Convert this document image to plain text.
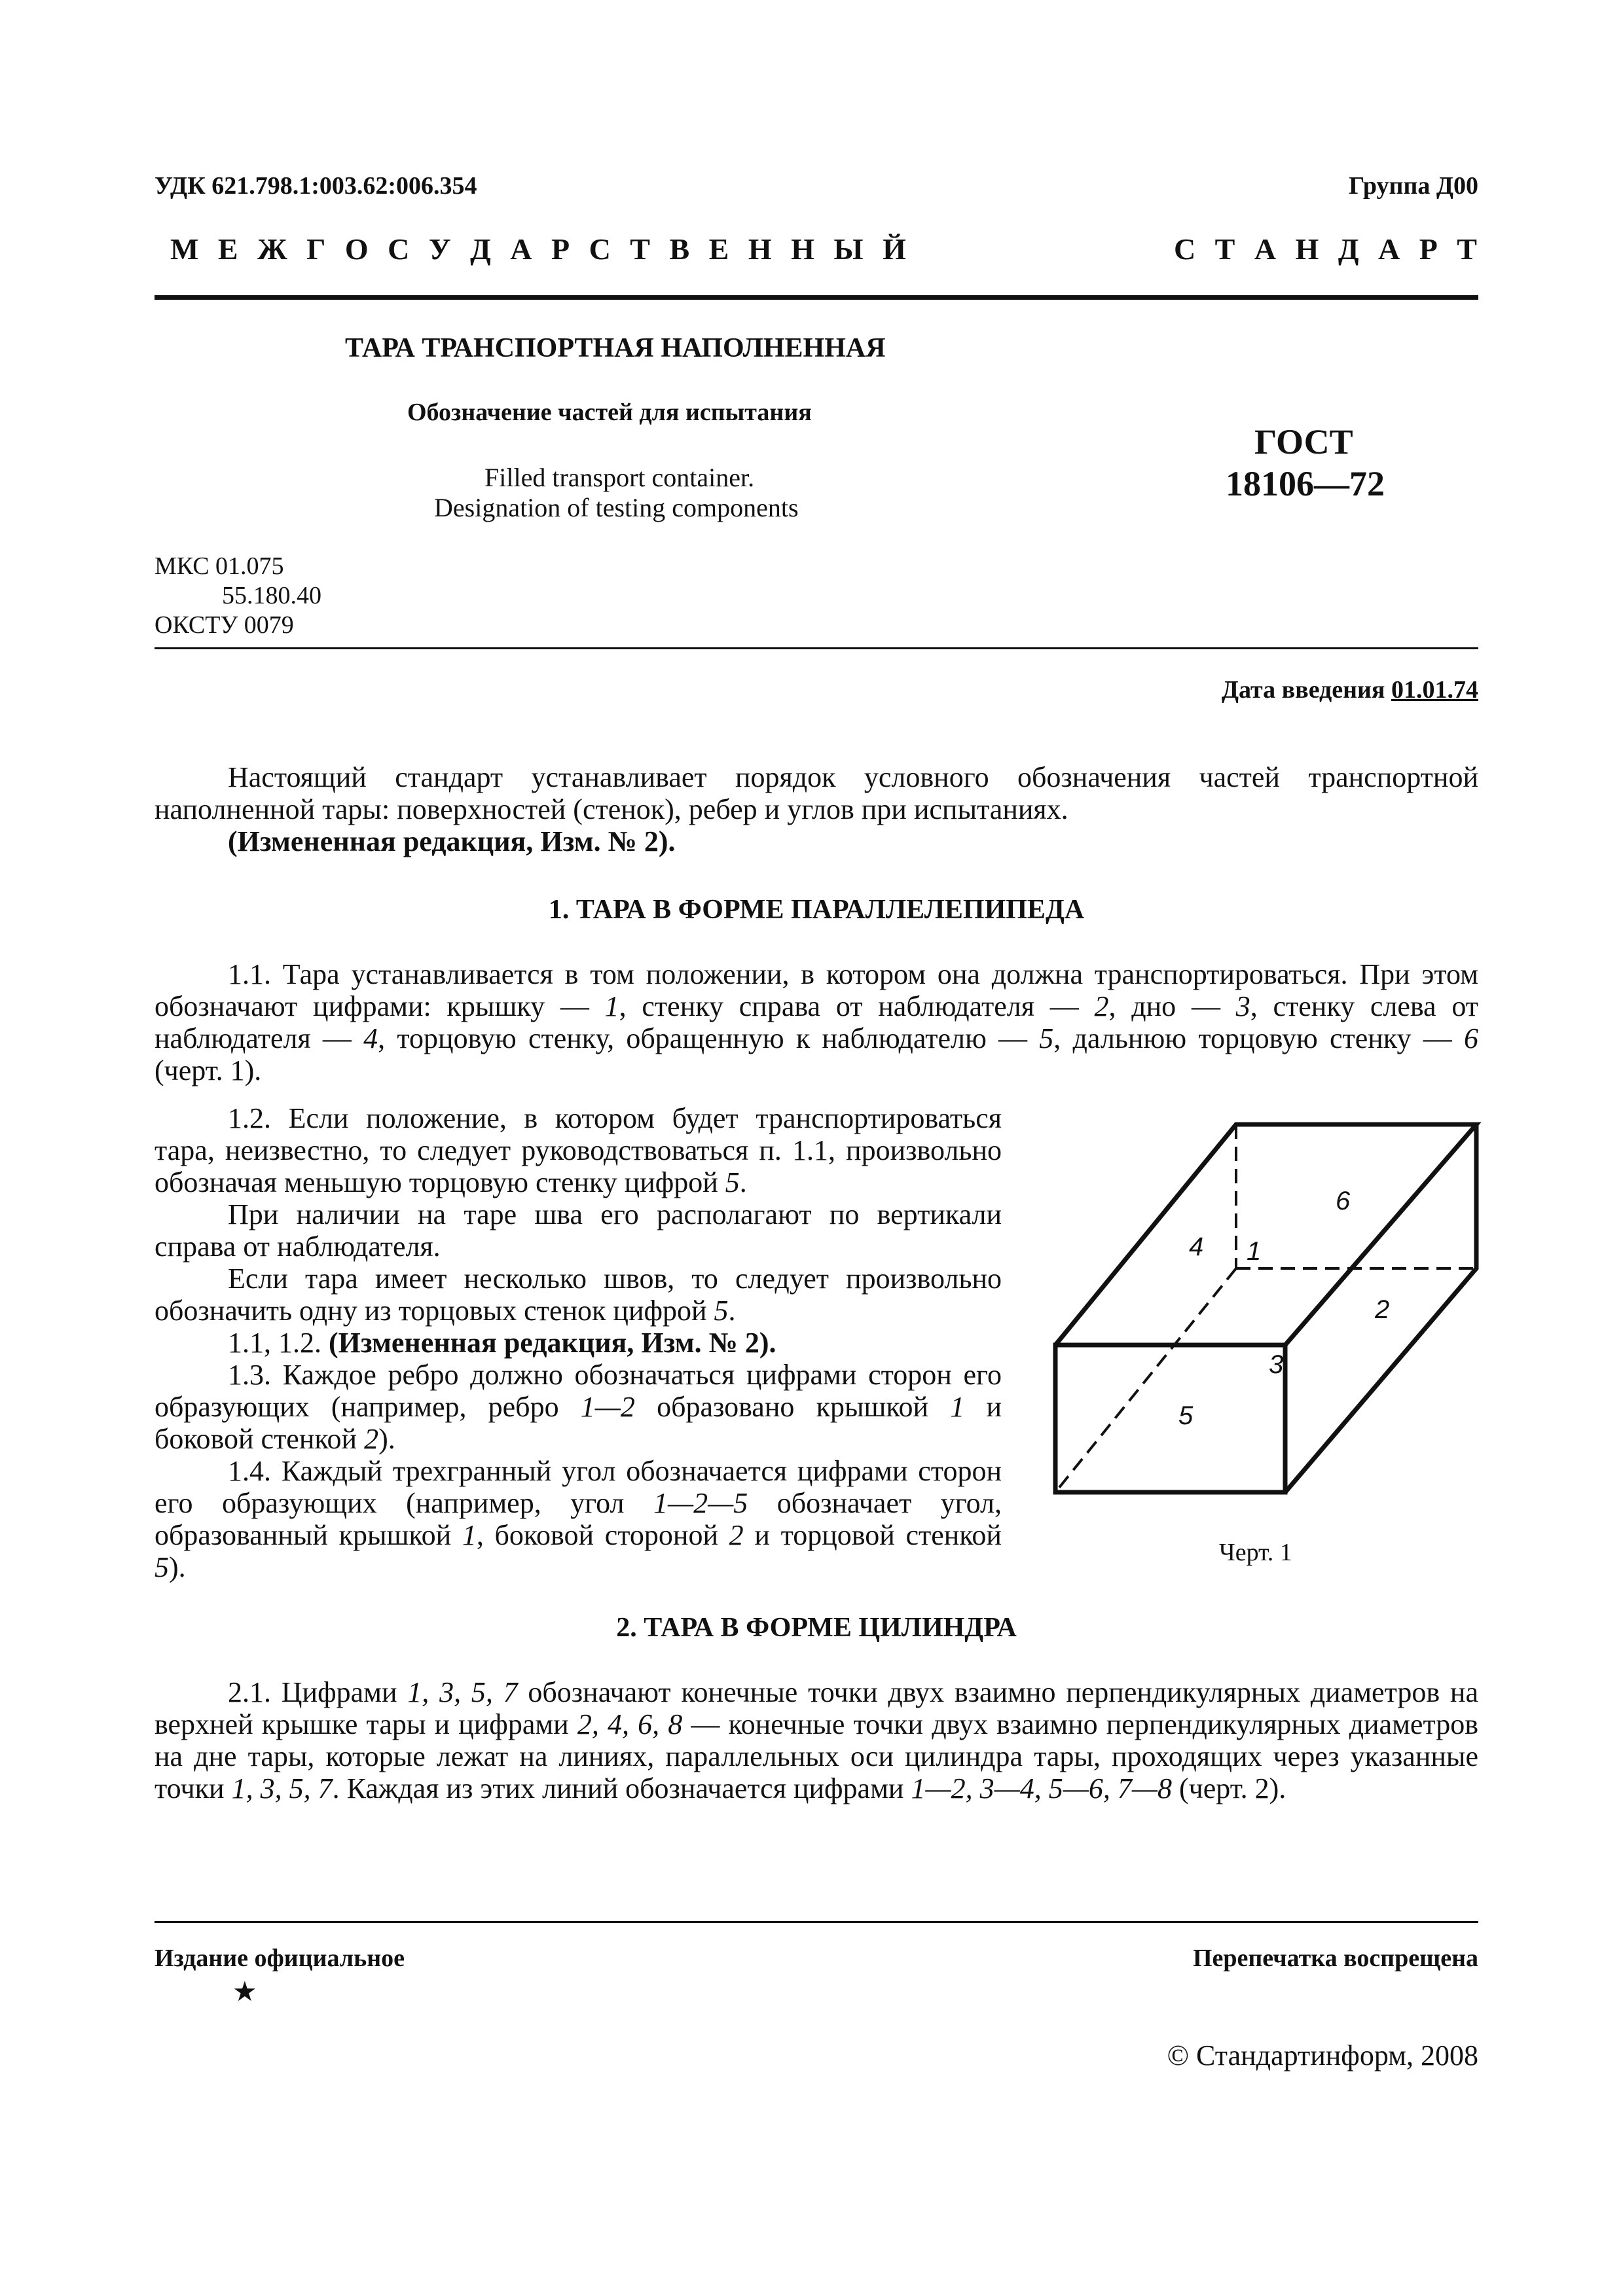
УДК 621.798.1:003.62:006.354	Группа Д00
М Е Ж Г О С У Д А Р С Т В Е Н Н Ы Й	С Т А Н Д А Р Т
ТАРА ТРАНСПОРТНАЯ НАПОЛНЕННАЯ
Обозначение частей для испытания
Filled transport container.
Designation of testing components
ГОСТ
18106—72
МКС 01.075
55.180.40
ОКСТУ 0079
Дата введения 01.01.74
Настоящий стандарт устанавливает порядок условного обозначения частей транспортной наполненной тары: поверхностей (стенок), ребер и углов при испытаниях.
(Измененная редакция, Изм. № 2).
1. ТАРА В ФОРМЕ ПАРАЛЛЕЛЕПИПЕДА
1.1. Тара устанавливается в том положении, в котором она должна транспортироваться. При этом обозначают цифрами: крышку — 1, стенку справа от наблюдателя — 2, дно — 3, стенку слева от наблюдателя — 4, торцовую стенку, обращенную к наблюдателю — 5, дальнюю торцовую стенку — 6 (черт. 1).
1.2. Если положение, в котором будет транспортироваться тара, неизвестно, то следует руководствоваться п. 1.1, произвольно обозначая меньшую торцовую стенку цифрой 5.
При наличии на таре шва его располагают по вертикали справа от наблюдателя.
Если тара имеет несколько швов, то следует произвольно обозначить одну из торцовых стенок цифрой 5.
1.1, 1.2. (Измененная редакция, Изм. № 2).
1.3. Каждое ребро должно обозначаться цифрами сторон его образующих (например, ребро 1—2 образовано крышкой 1 и боковой стенкой 2).
1.4. Каждый трехгранный угол обозначается цифрами сторон его образующих (например, угол 1—2—5 обозначает угол, образованный крышкой 1, боковой стороной 2 и торцовой стенкой 5).
6
4 1
2
3
5
Черт. 1
2. ТАРА В ФОРМЕ ЦИЛИНДРА
2.1. Цифрами 1, 3, 5, 7 обозначают конечные точки двух взаимно перпендикулярных диаметров на верхней крышке тары и цифрами 2, 4, 6, 8 — конечные точки двух взаимно перпендикулярных диаметров на дне тары, которые лежат на линиях, параллельных оси цилиндра тары, проходящих через указанные точки 1, 3, 5, 7. Каждая из этих линий обозначается цифрами 1—2, 3—4, 5—6, 7—8 (черт. 2).
Издание официальное
★
Перепечатка воспрещена
© Стандартинформ, 2008
